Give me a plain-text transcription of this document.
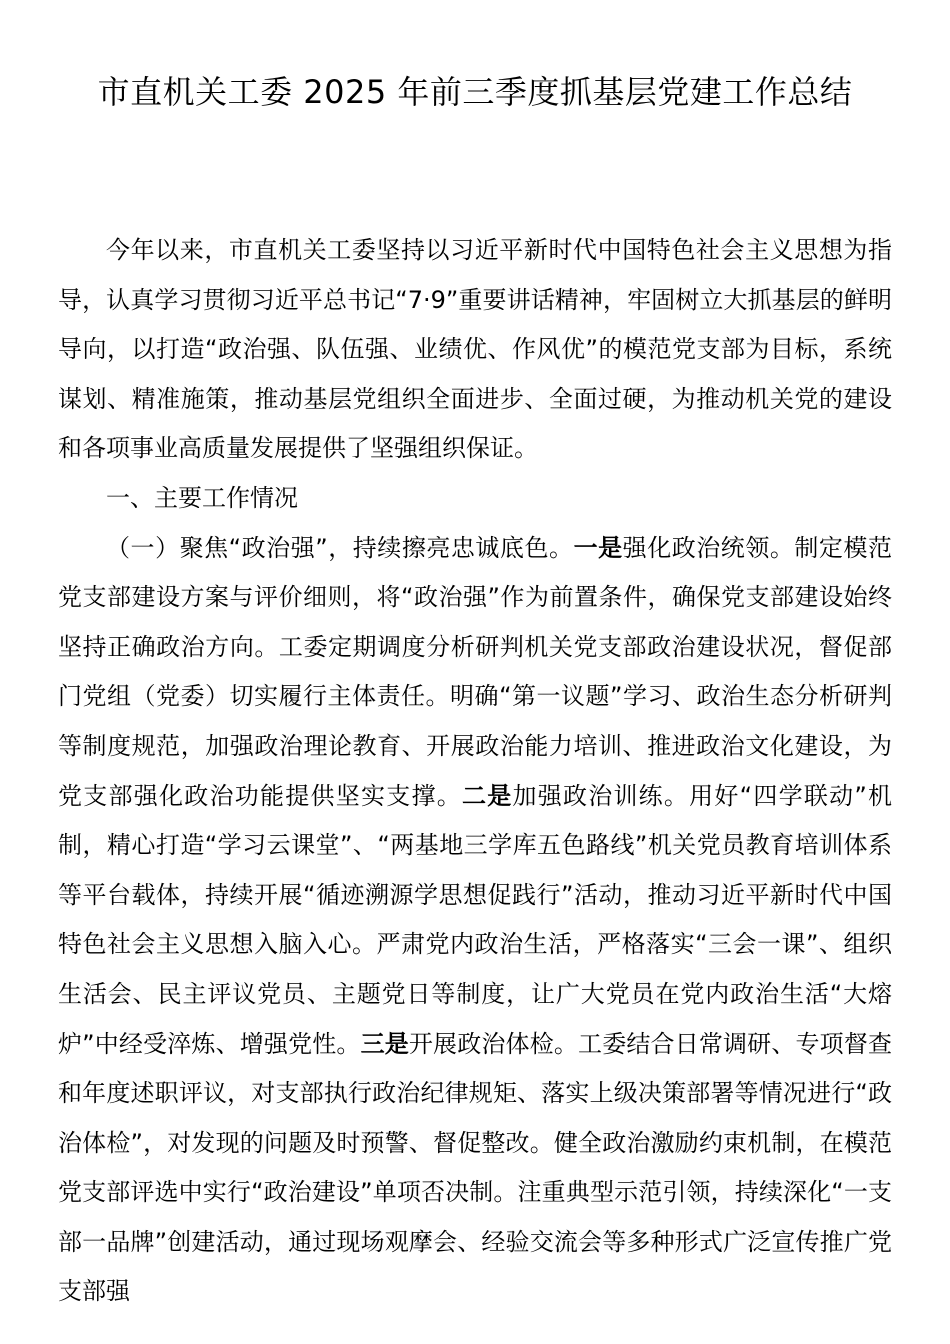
市直机关工委 2025 年前三季度抓基层党建工作总结

今年以来，市直机关工委坚持以习近平新时代中国特色社会主义思想为指导，认真学习贯彻习近平总书记“7·9”重要讲话精神，牢固树立大抓基层的鲜明导向，以打造“政治强、队伍强、业绩优、作风优”的模范党支部为目标，系统谋划、精准施策，推动基层党组织全面进步、全面过硬，为推动机关党的建设和各项事业高质量发展提供了坚强组织保证。

一、主要工作情况

（一）聚焦“政治强”，持续擦亮忠诚底色。一是强化政治统领。制定模范党支部建设方案与评价细则，将“政治强”作为前置条件，确保党支部建设始终坚持正确政治方向。工委定期调度分析研判机关党支部政治建设状况，督促部门党组（党委）切实履行主体责任。明确“第一议题”学习、政治生态分析研判等制度规范，加强政治理论教育、开展政治能力培训、推进政治文化建设，为党支部强化政治功能提供坚实支撑。二是加强政治训练。用好“四学联动”机制，精心打造“学习云课堂”、“两基地三学库五色路线”机关党员教育培训体系等平台载体，持续开展“循迹溯源学思想促践行”活动，推动习近平新时代中国特色社会主义思想入脑入心。严肃党内政治生活，严格落实“三会一课”、组织生活会、民主评议党员、主题党日等制度，让广大党员在党内政治生活“大熔炉”中经受淬炼、增强党性。三是开展政治体检。工委结合日常调研、专项督查和年度述职评议，对支部执行政治纪律规矩、落实上级决策部署等情况进行“政治体检”，对发现的问题及时预警、督促整改。健全政治激励约束机制，在模范党支部评选中实行“政治建设”单项否决制。注重典型示范引领，持续深化“一支部一品牌”创建活动，通过现场观摩会、经验交流会等多种形式广泛宣传推广党支部强
